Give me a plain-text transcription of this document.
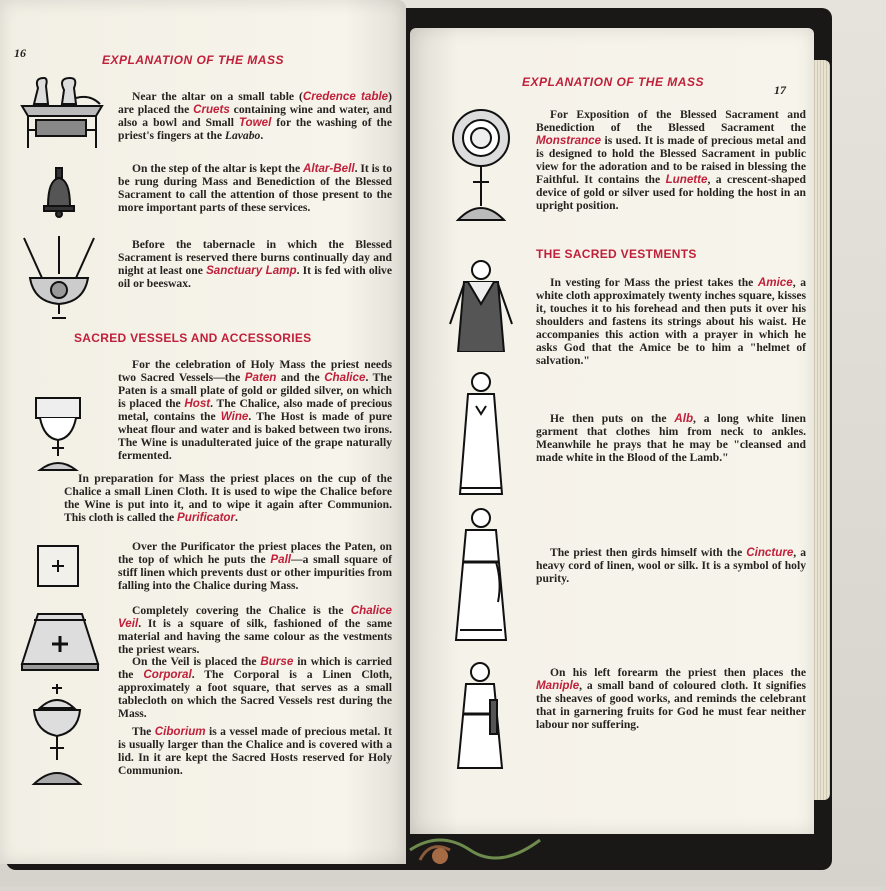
16	EXPLANATION OF THE MASS

Near the altar on a small table (Credence table) are placed the Cruets containing wine and water, and also a bowl and Small Towel for the washing of the priest's fingers at the Lavabo.

On the step of the altar is kept the Altar-Bell. It is to be rung during Mass and Benediction of the Blessed Sacrament to call the attention of those present to the more important parts of these services.

Before the tabernacle in which the Blessed Sacrament is reserved there burns continually day and night at least one Sanctuary Lamp. It is fed with olive oil or beeswax.

SACRED VESSELS AND ACCESSORIES

For the celebration of Holy Mass the priest needs two Sacred Vessels—the Paten and the Chalice. The Paten is a small plate of gold or gilded silver, on which is placed the Host. The Chalice, also made of precious metal, contains the Wine. The Host is made of pure wheat flour and water and is baked between two irons. The Wine is unadulterated juice of the grape naturally fermented.

In preparation for Mass the priest places on the cup of the Chalice a small Linen Cloth. It is used to wipe the Chalice before the Wine is put into it, and to wipe it again after Communion. This cloth is called the Purificator.

Over the Purificator the priest places the Paten, on the top of which he puts the Pall—a small square of stiff linen which prevents dust or other impurities from falling into the Chalice during Mass.

Completely covering the Chalice is the Chalice Veil. It is a square of silk, fashioned of the same material and having the same colour as the vestments the priest wears.

On the Veil is placed the Burse in which is carried the Corporal. The Corporal is a Linen Cloth, approximately a foot square, that serves as a small tablecloth on which the Sacred Vessels rest during the Mass.

The Ciborium is a vessel made of precious metal. It is usually larger than the Chalice and is covered with a lid. In it are kept the Sacred Hosts reserved for Holy Communion.

EXPLANATION OF THE MASS
17

For Exposition of the Blessed Sacrament and Benediction of the Blessed Sacrament the Monstrance is used. It is made of precious metal and is designed to hold the Blessed Sacrament in public view for the adoration and to be raised in blessing the Faithful. It contains the Lunette, a crescent-shaped device of gold or silver used for holding the host in an upright position.

THE SACRED VESTMENTS

In vesting for Mass the priest takes the Amice, a white cloth approximately twenty inches square, kisses it, touches it to his forehead and then puts it over his shoulders and fastens its strings about his waist. He accompanies this action with a prayer in which he asks God that the Amice be to him a "helmet of salvation."

He then puts on the Alb, a long white linen garment that clothes him from neck to ankles. Meanwhile he prays that he may be "cleansed and made white in the Blood of the Lamb."

The priest then girds himself with the Cincture, a heavy cord of linen, wool or silk. It is a symbol of holy purity.

On his left forearm the priest then places the Maniple, a small band of coloured cloth. It signifies the sheaves of good works, and reminds the celebrant that in garnering fruits for God he must fear neither labour nor suffering.
